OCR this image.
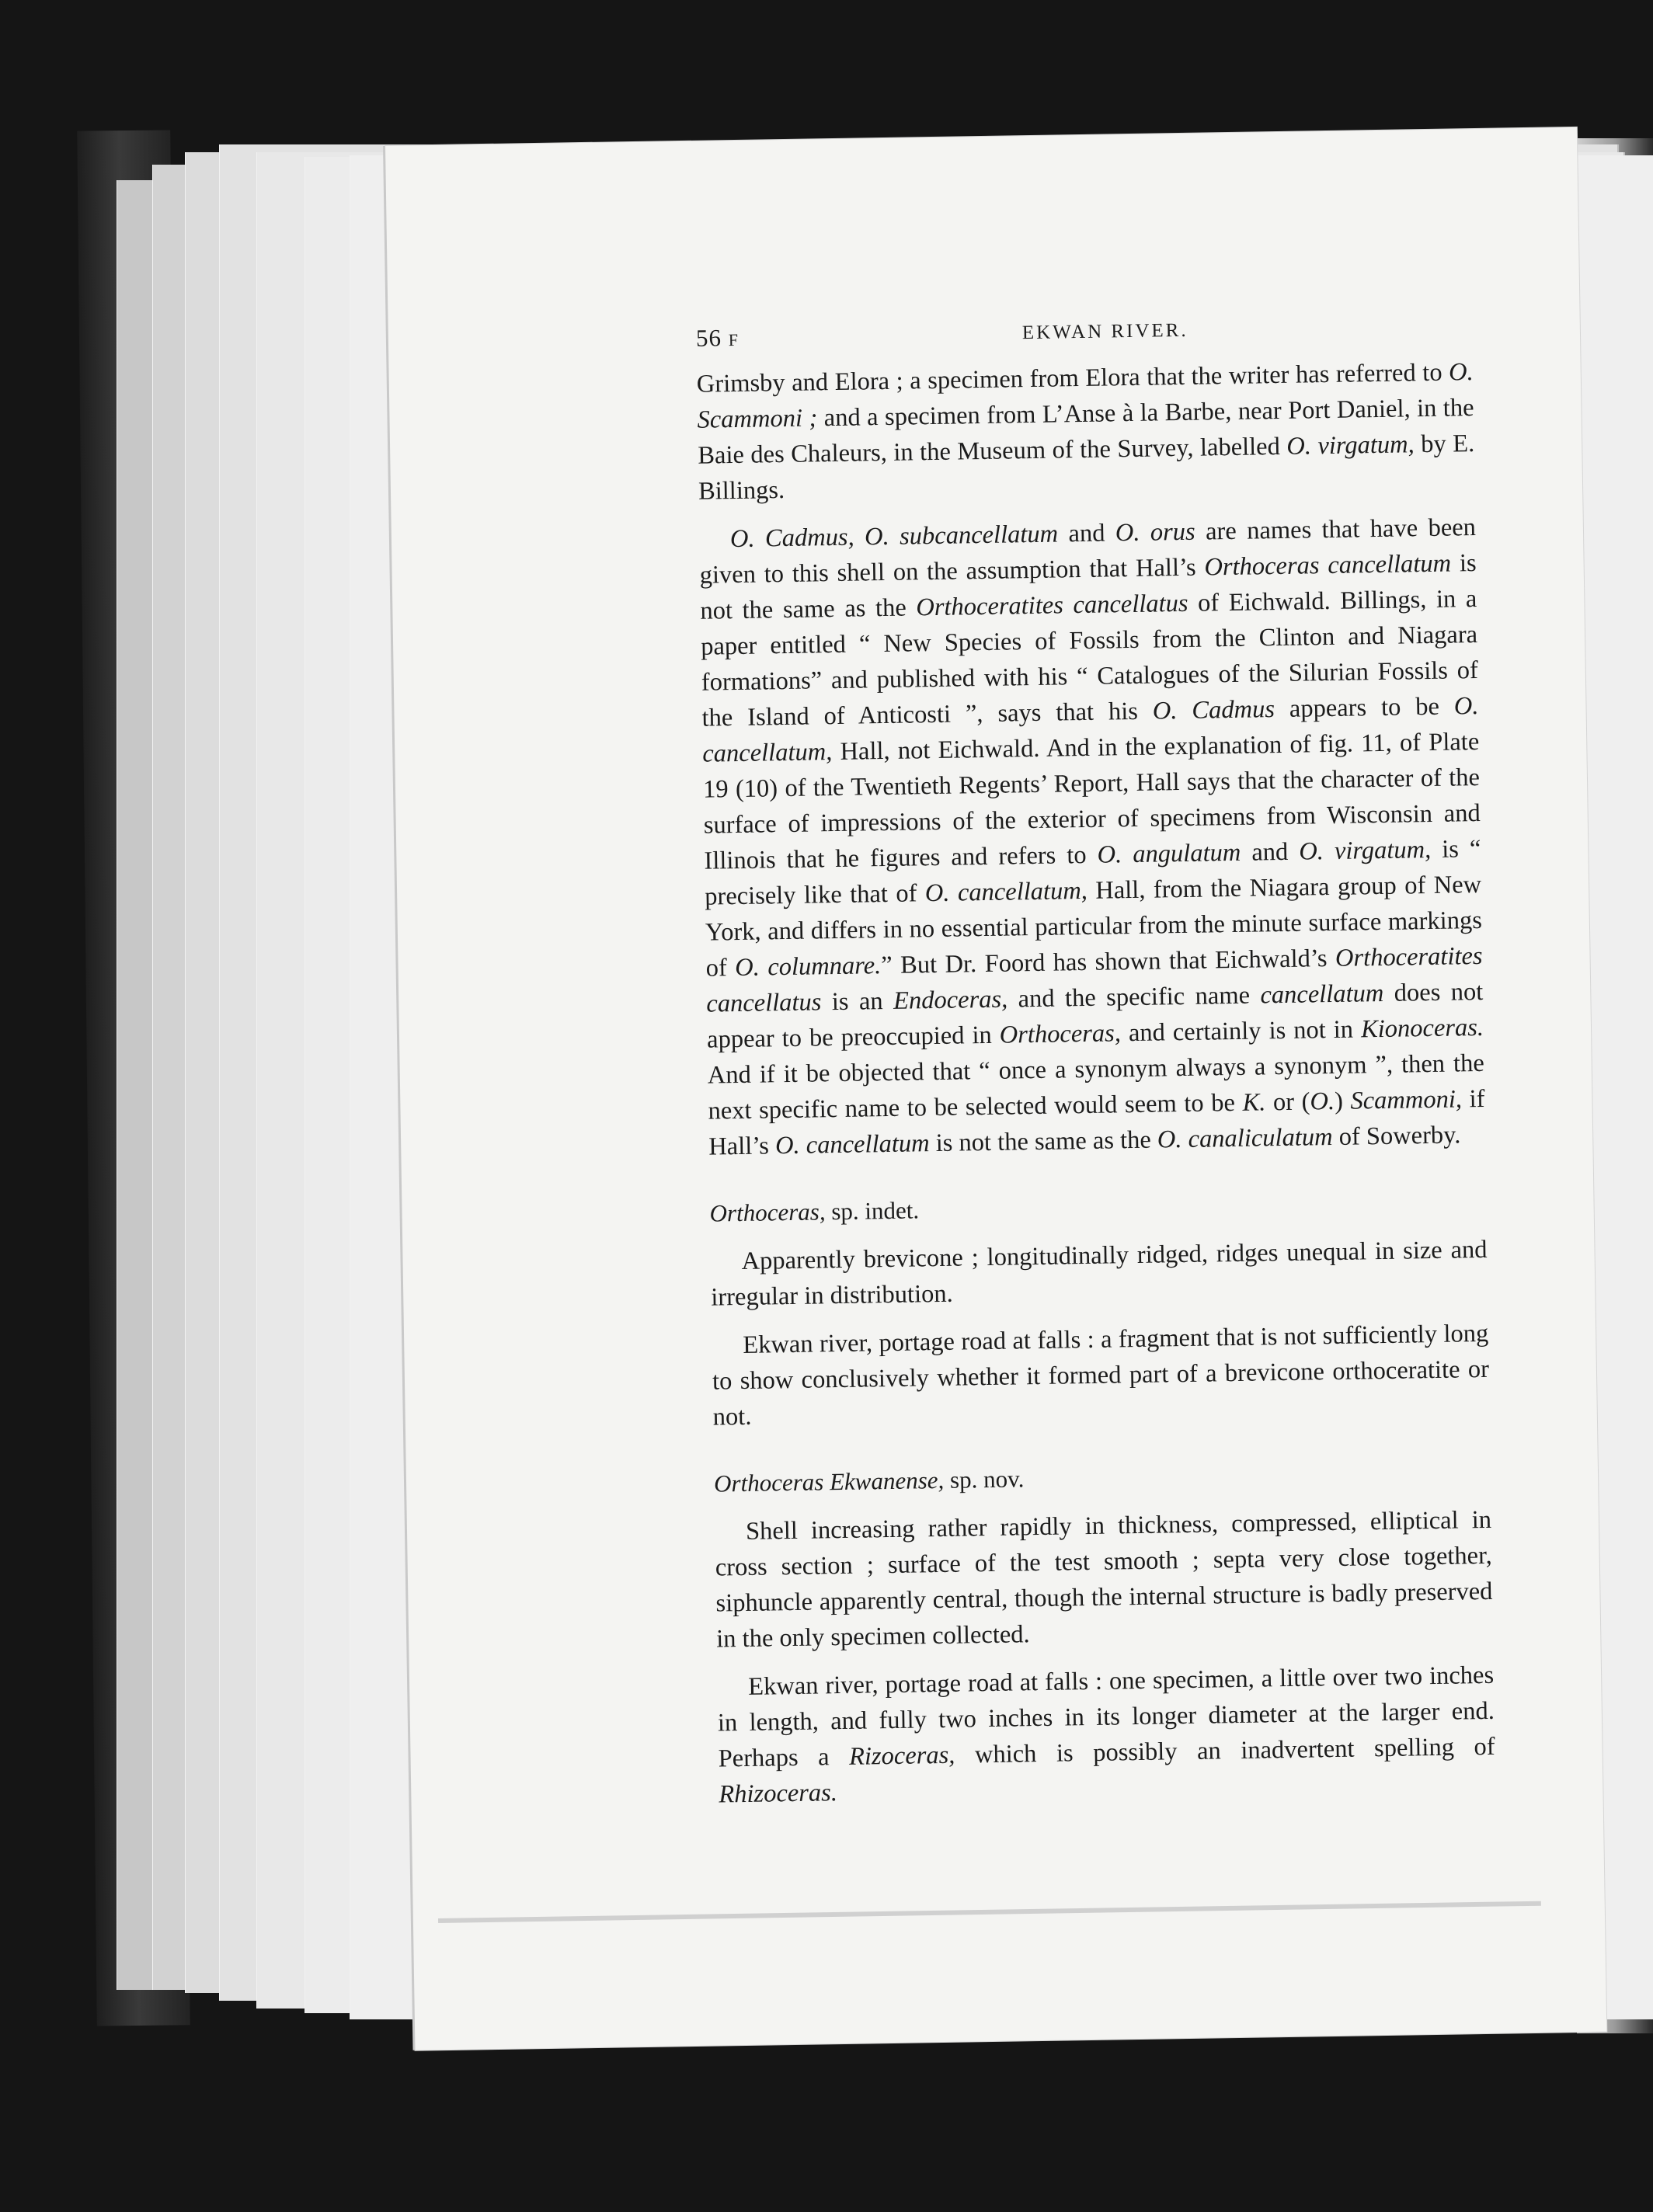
56 F	EKWAN RIVER.

Grimsby and Elora ; a specimen from Elora that the writer has referred to O. Scammoni ; and a specimen from L’Anse à la Barbe, near Port Daniel, in the Baie des Chaleurs, in the Museum of the Survey, labelled O. virgatum, by E. Billings.

O. Cadmus, O. subcancellatum and O. orus are names that have been given to this shell on the assumption that Hall’s Orthoceras cancellatum is not the same as the Orthoceratites cancellatus of Eichwald. Billings, in a paper entitled “ New Species of Fossils from the Clinton and Niagara formations” and published with his “ Catalogues of the Silurian Fossils of the Island of Anticosti ”, says that his O. Cadmus appears to be O. cancellatum, Hall, not Eichwald. And in the explanation of fig. 11, of Plate 19 (10) of the Twentieth Regents’ Report, Hall says that the character of the surface of impressions of the exterior of specimens from Wisconsin and Illinois that he figures and refers to O. angulatum and O. virgatum, is “ precisely like that of O. cancellatum, Hall, from the Niagara group of New York, and differs in no essential particular from the minute surface markings of O. columnare.” But Dr. Foord has shown that Eichwald’s Orthoceratites cancellatus is an Endoceras, and the specific name cancellatum does not appear to be preoccupied in Orthoceras, and certainly is not in Kionoceras. And if it be objected that “ once a synonym always a synonym ”, then the next specific name to be selected would seem to be K. or (O.) Scammoni, if Hall’s O. cancellatum is not the same as the O. canaliculatum of Sowerby.

Orthoceras, sp. indet.

Apparently brevicone ; longitudinally ridged, ridges unequal in size and irregular in distribution.

Ekwan river, portage road at falls : a fragment that is not sufficiently long to show conclusively whether it formed part of a brevicone orthoceratite or not.

Orthoceras Ekwanense, sp. nov.

Shell increasing rather rapidly in thickness, compressed, elliptical in cross section ; surface of the test smooth ; septa very close together, siphuncle apparently central, though the internal structure is badly preserved in the only specimen collected.

Ekwan river, portage road at falls : one specimen, a little over two inches in length, and fully two inches in its longer diameter at the larger end. Perhaps a Rizoceras, which is possibly an inadvertent spelling of Rhizoceras.
